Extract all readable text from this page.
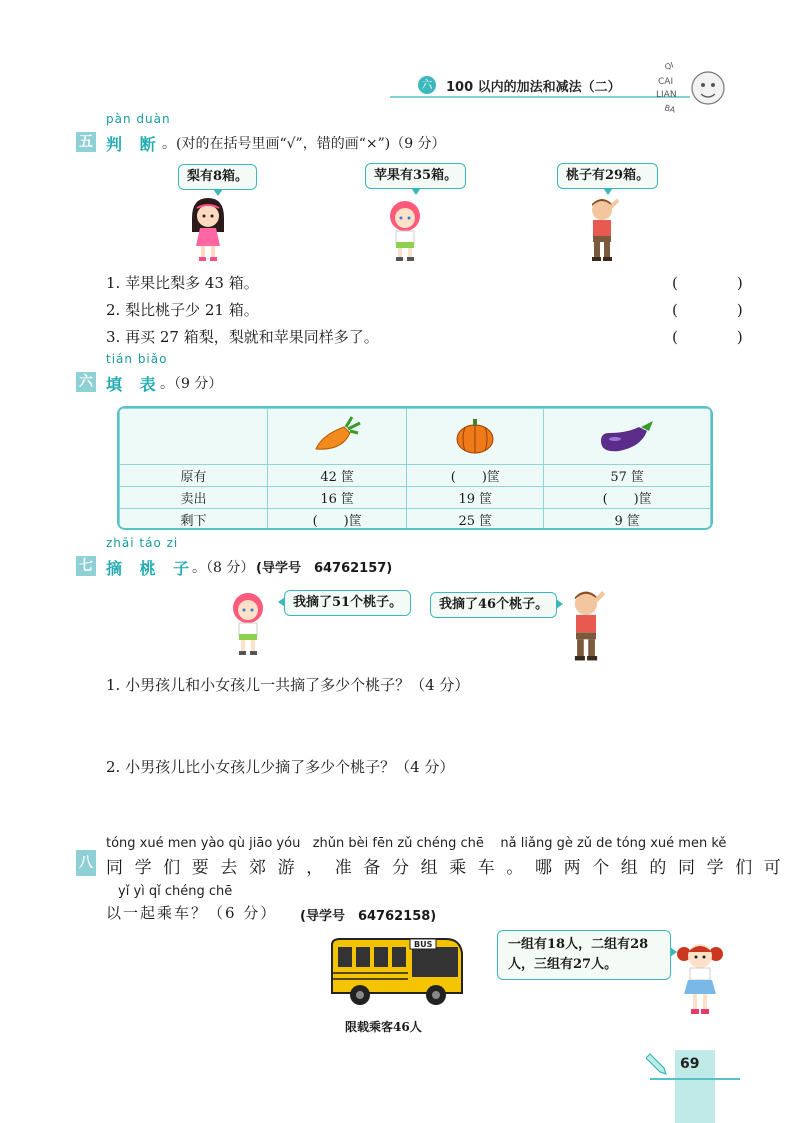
六 100 以内的加法和减法（二）
QI
CAI
LIAN
BA
pàn duàn
五 判 断 。(对的在括号里画“√”，错的画“×”)（9 分）
梨有8箱。	苹果有35箱。	桃子有29箱。
1. 苹果比梨多 43 箱。	(　)
2. 梨比桃子少 21 箱。	(　)
3. 再买 27 箱梨，梨就和苹果同样多了。	(　)
tián biǎo
六 填 表
。（9 分）

原有	42 筐	(　　)筐	57 筐
卖出	16 筐	19 筐	(　　)筐
剩下	(　　)筐	25 筐	9 筐
zhāi táo zi
七 摘 桃 子
。（8 分） (导学号　64762157)
我摘了51个桃子。	我摘了46个桃子。
1. 小男孩儿和小女孩儿一共摘了多少个桃子？（4 分）
2. 小男孩儿比小女孩儿少摘了多少个桃子？（4 分）
tóng xué men yào qù jiāo yóu   zhǔn bèi fēn zǔ chéng chē    nǎ liǎng gè zǔ de tóng xué men kě
八 同学们要去郊游，准备分组乘车。哪两个组的同学们可
yǐ yì qǐ chéng chē
以一起乘车？（6 分） (导学号　64762158)
BUS
限载乘客46人
一组有18人，二组有28人，三组有27人。
69
